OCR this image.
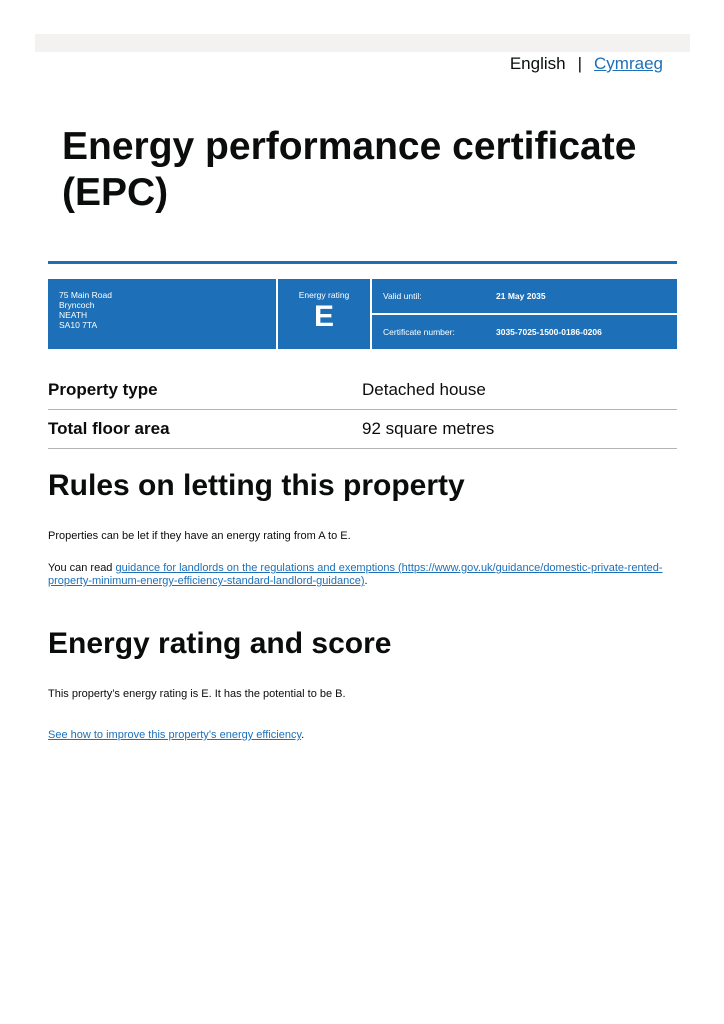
English | Cymraeg
Energy performance certificate (EPC)
75 Main Road
Bryncoch
NEATH
SA10 7TA
Energy rating
E
Valid until:	21 May 2035
Certificate number:	3035-7025-1500-0186-0206
Property type	Detached house
Total floor area	92 square metres
Rules on letting this property

Properties can be let if they have an energy rating from A to E.

You can read guidance for landlords on the regulations and exemptions (https://www.gov.uk/guidance/domestic-private-rented-property-minimum-energy-efficiency-standard-landlord-guidance).

Energy rating and score

This property’s energy rating is E. It has the potential to be B.

See how to improve this property’s energy efficiency.
